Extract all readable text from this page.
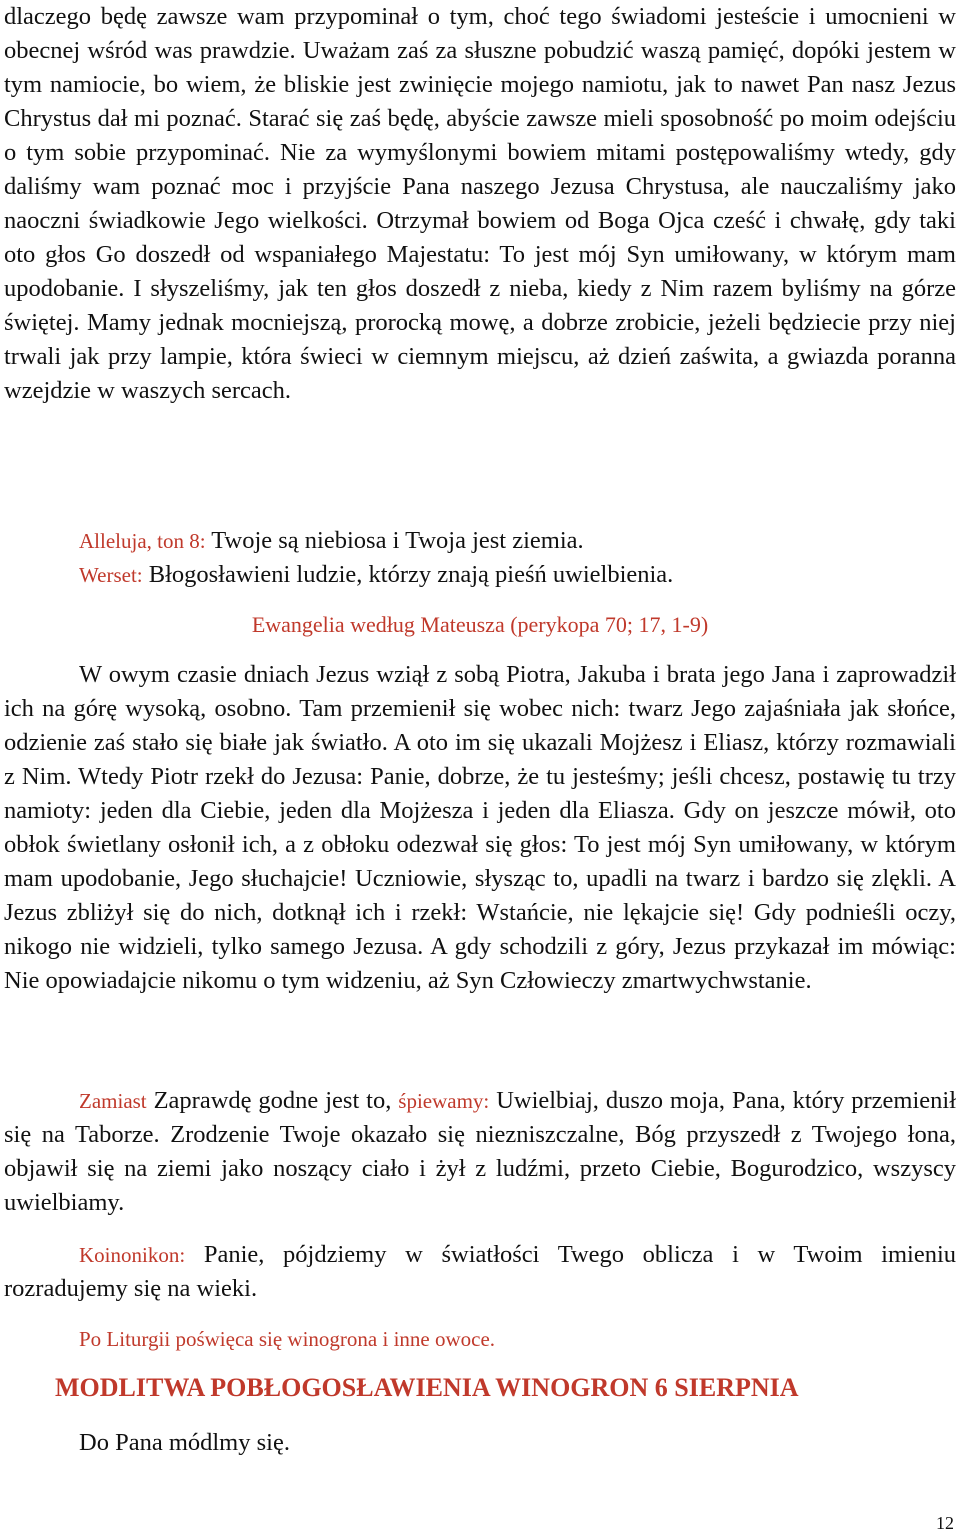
dlaczego będę zawsze wam przypominał o tym, choć tego świadomi jesteście i umocnieni w obecnej wśród was prawdzie. Uważam zaś za słuszne pobudzić waszą pamięć, dopóki jestem w tym namiocie, bo wiem, że bliskie jest zwinięcie mojego namiotu, jak to nawet Pan nasz Jezus Chrystus dał mi poznać. Starać się zaś będę, abyście zawsze mieli sposobność po moim odejściu o tym sobie przypominać. Nie za wymyślonymi bowiem mitami postępowaliśmy wtedy, gdy daliśmy wam poznać moc i przyjście Pana naszego Jezusa Chrystusa, ale nauczaliśmy jako naoczni świadkowie Jego wielkości. Otrzymał bowiem od Boga Ojca cześć i chwałę, gdy taki oto głos Go doszedł od wspaniałego Majestatu: To jest mój Syn umiłowany, w którym mam upodobanie. I słyszeliśmy, jak ten głos doszedł z nieba, kiedy z Nim razem byliśmy na górze świętej. Mamy jednak mocniejszą, prorocką mowę, a dobrze zrobicie, jeżeli będziecie przy niej trwali jak przy lampie, która świeci w ciemnym miejscu, aż dzień zaświta, a gwiazda poranna wzejdzie w waszych sercach.

Alleluja, ton 8: Twoje są niebiosa i Twoja jest ziemia.

Werset: Błogosławieni ludzie, którzy znają pieśń uwielbienia.

Ewangelia według Mateusza (perykopa 70; 17, 1-9)

W owym czasie dniach Jezus wziął z sobą Piotra, Jakuba i brata jego Jana i zaprowadził ich na górę wysoką, osobno. Tam przemienił się wobec nich: twarz Jego zajaśniała jak słońce, odzienie zaś stało się białe jak światło. A oto im się ukazali Mojżesz i Eliasz, którzy rozmawiali z Nim. Wtedy Piotr rzekł do Jezusa: Panie, dobrze, że tu jesteśmy; jeśli chcesz, postawię tu trzy namioty: jeden dla Ciebie, jeden dla Mojżesza i jeden dla Eliasza. Gdy on jeszcze mówił, oto obłok świetlany osłonił ich, a z obłoku odezwał się głos: To jest mój Syn umiłowany, w którym mam upodobanie, Jego słuchajcie! Uczniowie, słysząc to, upadli na twarz i bardzo się zlękli. A Jezus zbliżył się do nich, dotknął ich i rzekł: Wstańcie, nie lękajcie się! Gdy podnieśli oczy, nikogo nie widzieli, tylko samego Jezusa. A gdy schodzili z góry, Jezus przykazał im mówiąc: Nie opowiadajcie nikomu o tym widzeniu, aż Syn Człowieczy zmartwychwstanie.

Zamiast Zaprawdę godne jest to, śpiewamy: Uwielbiaj, duszo moja, Pana, który przemienił się na Taborze. Zrodzenie Twoje okazało się niezniszczalne, Bóg przyszedł z Twojego łona, objawił się na ziemi jako noszący ciało i żył z ludźmi, przeto Ciebie, Bogurodzico, wszyscy uwielbiamy.

Koinonikon: Panie, pójdziemy w światłości Twego oblicza i w Twoim imieniu rozradujemy się na wieki.

Po Liturgii poświęca się winogrona i inne owoce.

MODLITWA POBŁOGOSŁAWIENIA WINOGRON 6 SIERPNIA

Do Pana módlmy się.

12
